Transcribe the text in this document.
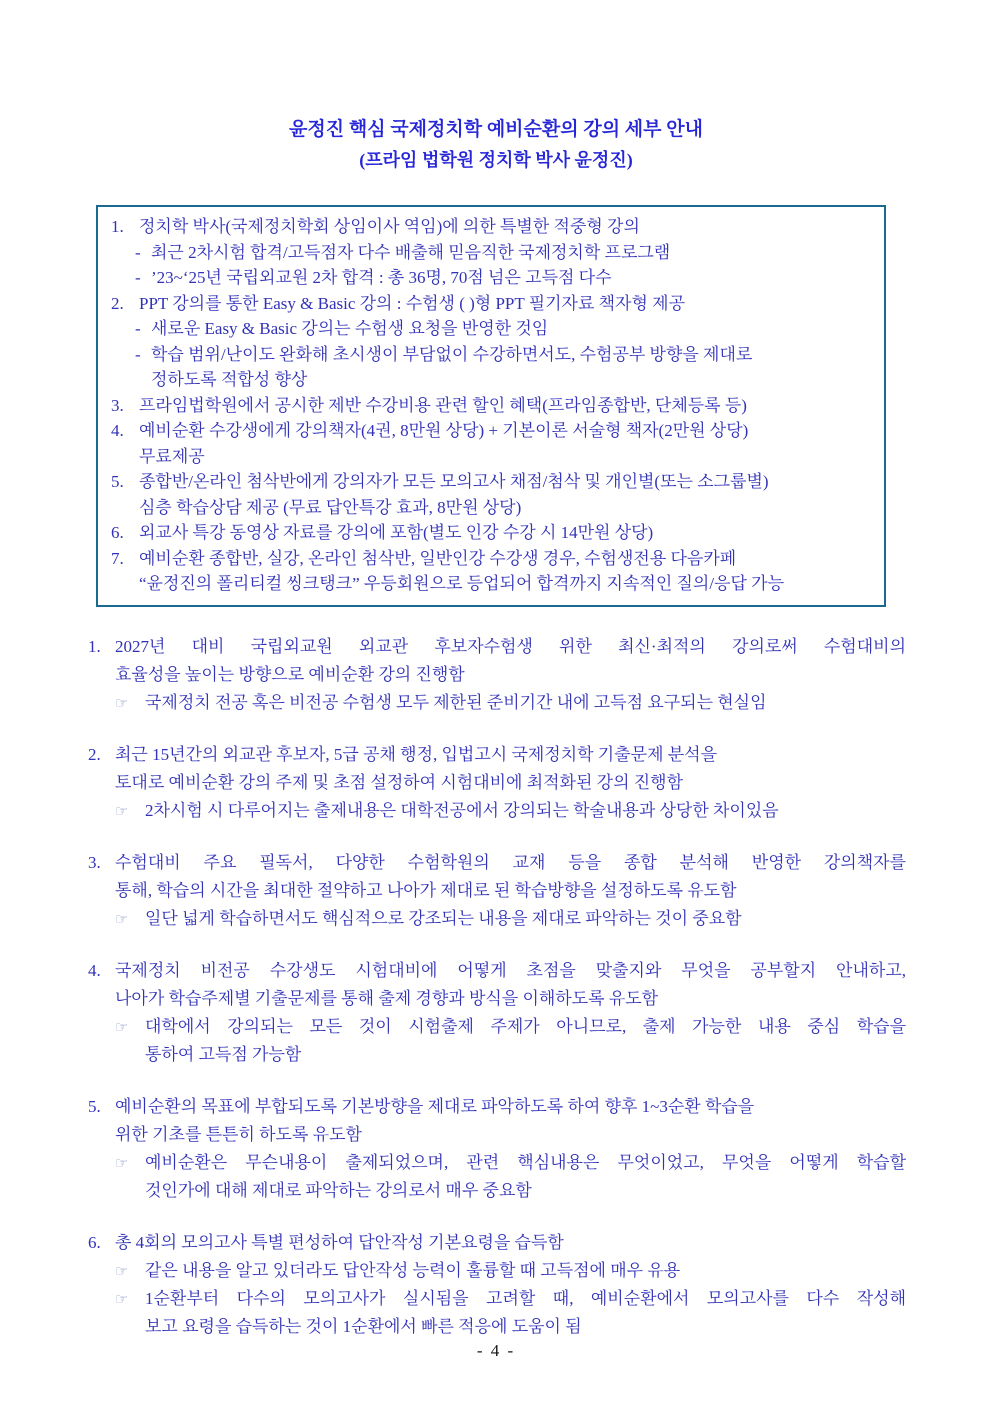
윤정진 핵심 국제정치학 예비순환의 강의 세부 안내
(프라임 법학원 정치학 박사 윤정진)
1. 정치학 박사(국제정치학회 상임이사 역임)에 의한 특별한 적중형 강의
- 최근 2차시험 합격/고득점자 다수 배출해 믿음직한 국제정치학 프로그램
- ’23~‘25년 국립외교원 2차 합격 : 총 36명, 70점 넘은 고득점 다수
2. PPT 강의를 통한 Easy & Basic 강의 : 수험생 ( )형 PPT 필기자료 책자형 제공
- 새로운 Easy & Basic 강의는 수험생 요청을 반영한 것임
- 학습 범위/난이도 완화해 초시생이 부담없이 수강하면서도, 수험공부 방향을 제대로
정하도록 적합성 향상
3. 프라임법학원에서 공시한 제반 수강비용 관련 할인 혜택(프라임종합반, 단체등록 등)
4. 예비순환 수강생에게 강의책자(4권, 8만원 상당) + 기본이론 서술형 책자(2만원 상당)
무료제공
5. 종합반/온라인 첨삭반에게 강의자가 모든 모의고사 채점/첨삭 및 개인별(또는 소그룹별)
심층 학습상담 제공 (무료 답안특강 효과, 8만원 상당)
6. 외교사 특강 동영상 자료를 강의에 포함(별도 인강 수강 시 14만원 상당)
7. 예비순환 종합반, 실강, 온라인 첨삭반, 일반인강 수강생 경우, 수험생전용 다음카페
“윤정진의 폴리티컬 씽크탱크” 우등회원으로 등업되어 합격까지 지속적인 질의/응답 가능
1. 2027년 대비 국립외교원 외교관 후보자수험생 위한 최신·최적의 강의로써 수험대비의
효율성을 높이는 방향으로 예비순환 강의 진행함
☞ 국제정치 전공 혹은 비전공 수험생 모두 제한된 준비기간 내에 고득점 요구되는 현실임
2. 최근 15년간의 외교관 후보자, 5급 공채 행정, 입법고시 국제정치학 기출문제 분석을
토대로 예비순환 강의 주제 및 초점 설정하여 시험대비에 최적화된 강의 진행함
☞ 2차시험 시 다루어지는 출제내용은 대학전공에서 강의되는 학술내용과 상당한 차이있음
3. 수험대비 주요 필독서, 다양한 수험학원의 교재 등을 종합 분석해 반영한 강의책자를
통해, 학습의 시간을 최대한 절약하고 나아가 제대로 된 학습방향을 설정하도록 유도함
☞ 일단 넓게 학습하면서도 핵심적으로 강조되는 내용을 제대로 파악하는 것이 중요함
4. 국제정치 비전공 수강생도 시험대비에 어떻게 초점을 맞출지와 무엇을 공부할지 안내하고,
나아가 학습주제별 기출문제를 통해 출제 경향과 방식을 이해하도록 유도함
☞ 대학에서 강의되는 모든 것이 시험출제 주제가 아니므로, 출제 가능한 내용 중심 학습을
통하여 고득점 가능함
5. 예비순환의 목표에 부합되도록 기본방향을 제대로 파악하도록 하여 향후 1~3순환 학습을
위한 기초를 튼튼히 하도록 유도함
☞ 예비순환은 무슨내용이 출제되었으며, 관련 핵심내용은 무엇이었고, 무엇을 어떻게 학습할
것인가에 대해 제대로 파악하는 강의로서 매우 중요함
6. 총 4회의 모의고사 특별 편성하여 답안작성 기본요령을 습득함
☞ 같은 내용을 알고 있더라도 답안작성 능력이 훌륭할 때 고득점에 매우 유용
☞ 1순환부터 다수의 모의고사가 실시됨을 고려할 때, 예비순환에서 모의고사를 다수 작성해
보고 요령을 습득하는 것이 1순환에서 빠른 적응에 도움이 됨
- 4 -
